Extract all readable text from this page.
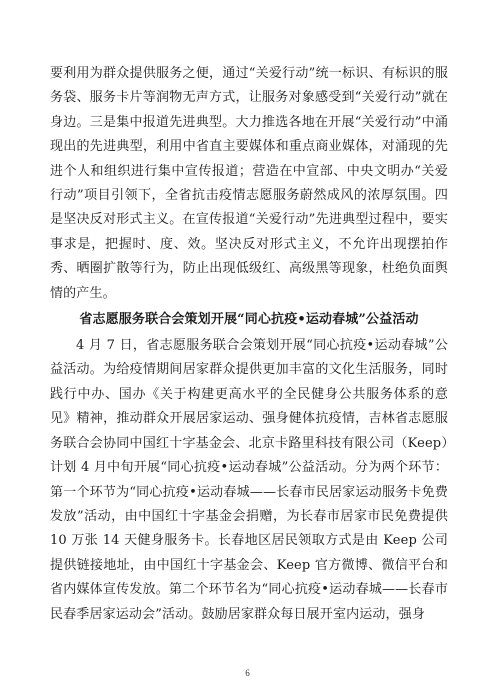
要利用为群众提供服务之便，通过“关爱行动”统一标识、有标识的服务袋、服务卡片等润物无声方式，让服务对象感受到“关爱行动”就在身边。三是集中报道先进典型。大力推选各地在开展“关爱行动”中涌现出的先进典型，利用中省直主要媒体和重点商业媒体，对涌现的先进个人和组织进行集中宣传报道；营造在中宣部、中央文明办“关爱行动”项目引领下，全省抗击疫情志愿服务蔚然成风的浓厚氛围。四是坚决反对形式主义。在宣传报道“关爱行动”先进典型过程中，要实事求是，把握时、度、效。坚决反对形式主义，不允许出现摆拍作秀、晒圈扩散等行为，防止出现低级红、高级黑等现象，杜绝负面舆情的产生。

省志愿服务联合会策划开展“同心抗疫•运动春城”公益活动

4 月 7 日，省志愿服务联合会策划开展“同心抗疫•运动春城”公益活动。为给疫情期间居家群众提供更加丰富的文化生活服务，同时践行中办、国办《关于构建更高水平的全民健身公共服务体系的意见》精神，推动群众开展居家运动、强身健体抗疫情，吉林省志愿服务联合会协同中国红十字基金会、北京卡路里科技有限公司（Keep）计划 4 月中旬开展“同心抗疫•运动春城”公益活动。分为两个环节：第一个环节为“同心抗疫•运动春城——长春市民居家运动服务卡免费发放”活动，由中国红十字基金会捐赠，为长春市居家市民免费提供 10 万张 14 天健身服务卡。长春地区居民领取方式是由 Keep 公司提供链接地址，由中国红十字基金会、Keep 官方微博、微信平台和省内媒体宣传发放。第二个环节名为“同心抗疫•运动春城——长春市民春季居家运动会”活动。鼓励居家群众每日展开室内运动，强身

6
